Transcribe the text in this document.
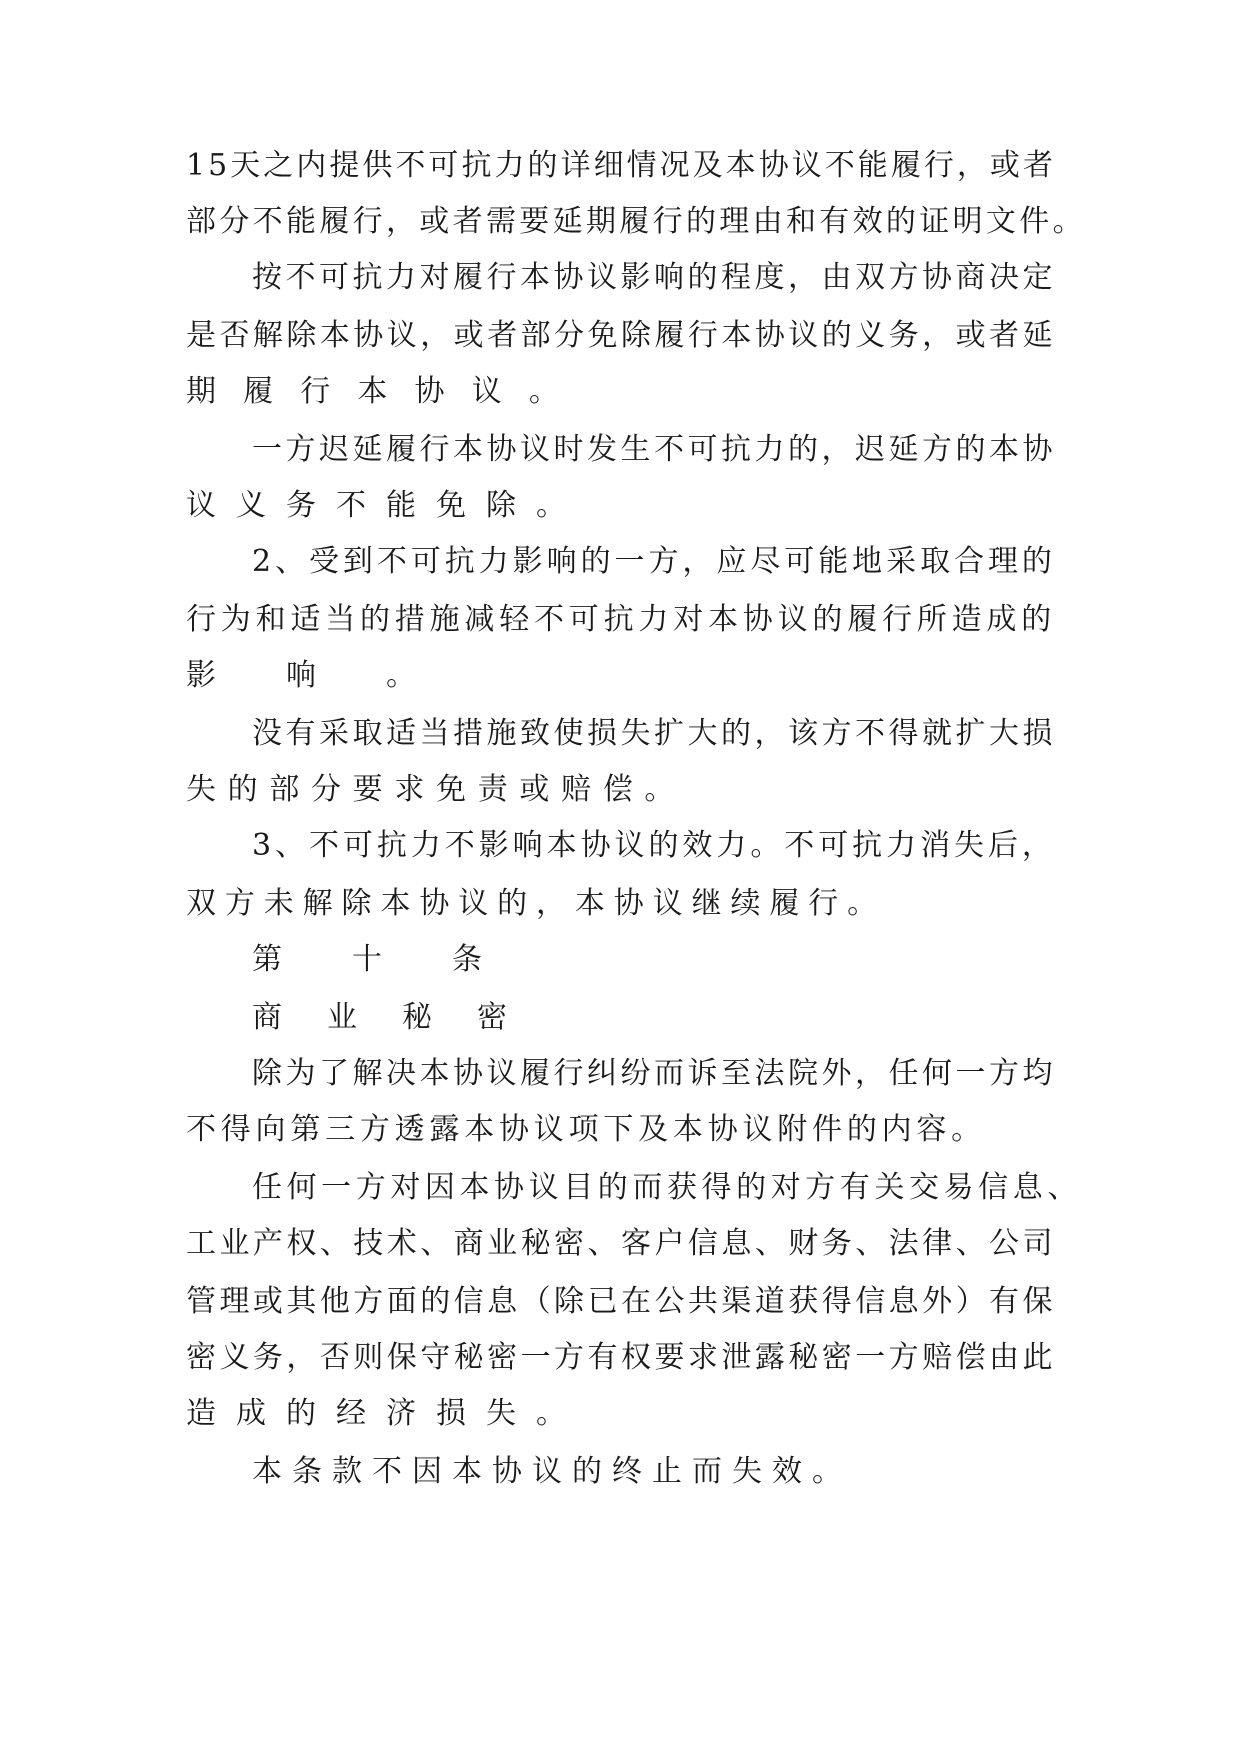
15天之内提供不可抗力的详细情况及本协议不能履行，或者
部分不能履行，或者需要延期履行的理由和有效的证明文件。
按不可抗力对履行本协议影响的程度，由双方协商决定
是否解除本协议，或者部分免除履行本协议的义务，或者延
期履行本协议。
一方迟延履行本协议时发生不可抗力的，迟延方的本协
议义务不能免除。
2、受到不可抗力影响的一方，应尽可能地采取合理的
行为和适当的措施减轻不可抗力对本协议的履行所造成的
影响。
没有采取适当措施致使损失扩大的，该方不得就扩大损
失的部分要求免责或赔偿。
3、不可抗力不影响本协议的效力。不可抗力消失后，
双方未解除本协议的，本协议继续履行。
第十条
商业秘密
除为了解决本协议履行纠纷而诉至法院外，任何一方均
不得向第三方透露本协议项下及本协议附件的内容。
任何一方对因本协议目的而获得的对方有关交易信息、
工业产权、技术、商业秘密、客户信息、财务、法律、公司
管理或其他方面的信息（除已在公共渠道获得信息外）有保
密义务，否则保守秘密一方有权要求泄露秘密一方赔偿由此
造成的经济损失。
本条款不因本协议的终止而失效。
